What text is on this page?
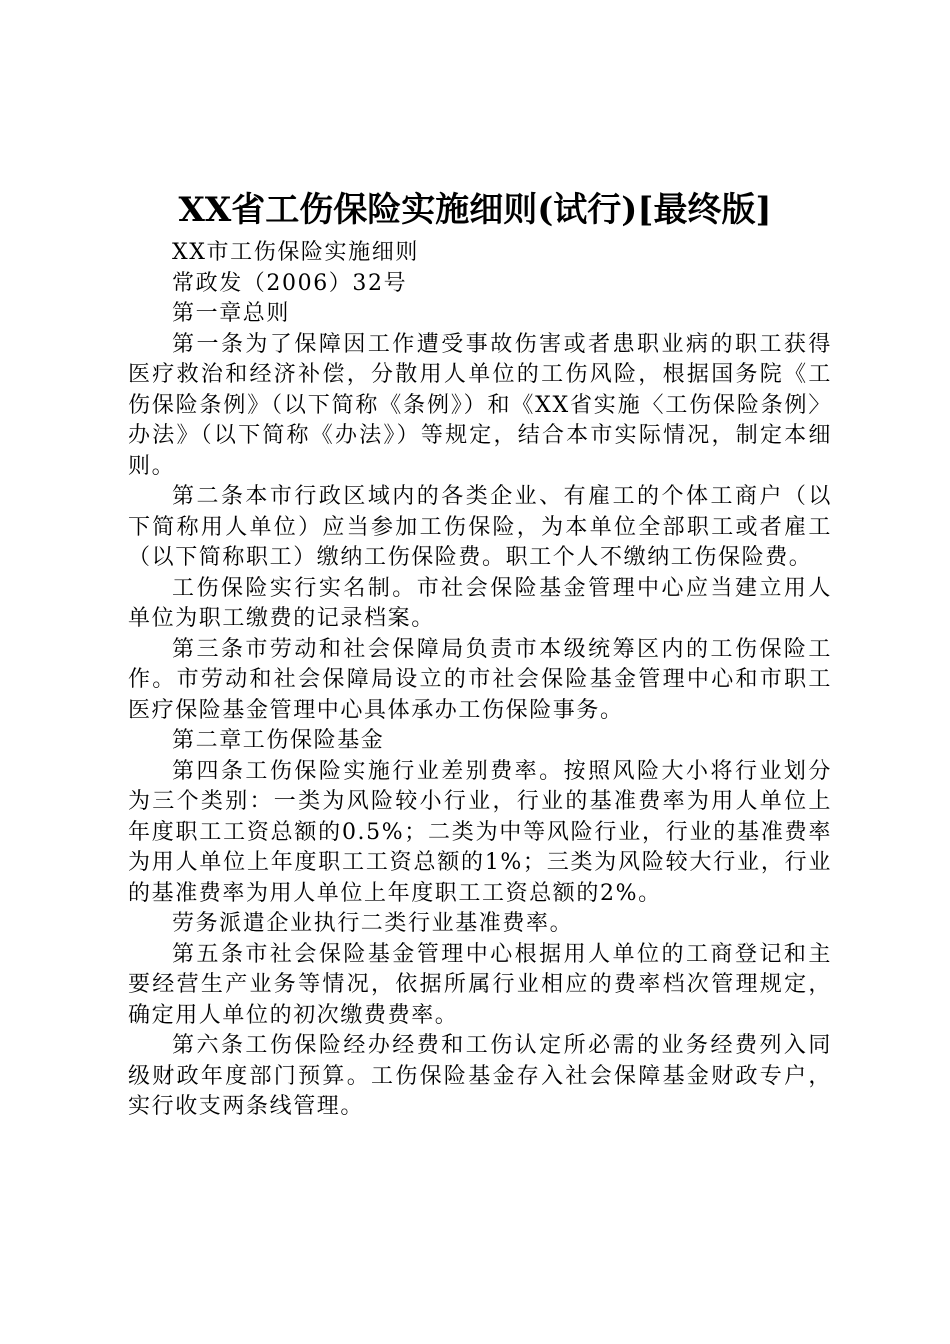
XX省工伤保险实施细则(试行)[最终版]

XX市工伤保险实施细则

常政发（2006）32号

第一章总则

第一条为了保障因工作遭受事故伤害或者患职业病的职工获得医疗救治和经济补偿，分散用人单位的工伤风险，根据国务院《工伤保险条例》（以下简称《条例》）和《XX省实施〈工伤保险条例〉办法》（以下简称《办法》）等规定，结合本市实际情况，制定本细则。

第二条本市行政区域内的各类企业、有雇工的个体工商户（以下简称用人单位）应当参加工伤保险，为本单位全部职工或者雇工（以下简称职工）缴纳工伤保险费。职工个人不缴纳工伤保险费。

工伤保险实行实名制。市社会保险基金管理中心应当建立用人单位为职工缴费的记录档案。

第三条市劳动和社会保障局负责市本级统筹区内的工伤保险工作。市劳动和社会保障局设立的市社会保险基金管理中心和市职工医疗保险基金管理中心具体承办工伤保险事务。

第二章工伤保险基金

第四条工伤保险实施行业差别费率。按照风险大小将行业划分为三个类别：一类为风险较小行业，行业的基准费率为用人单位上年度职工工资总额的0.5%；二类为中等风险行业，行业的基准费率为用人单位上年度职工工资总额的1%；三类为风险较大行业，行业的基准费率为用人单位上年度职工工资总额的2%。

劳务派遣企业执行二类行业基准费率。

第五条市社会保险基金管理中心根据用人单位的工商登记和主要经营生产业务等情况，依据所属行业相应的费率档次管理规定，确定用人单位的初次缴费费率。

第六条工伤保险经办经费和工伤认定所必需的业务经费列入同级财政年度部门预算。工伤保险基金存入社会保障基金财政专户，实行收支两条线管理。
